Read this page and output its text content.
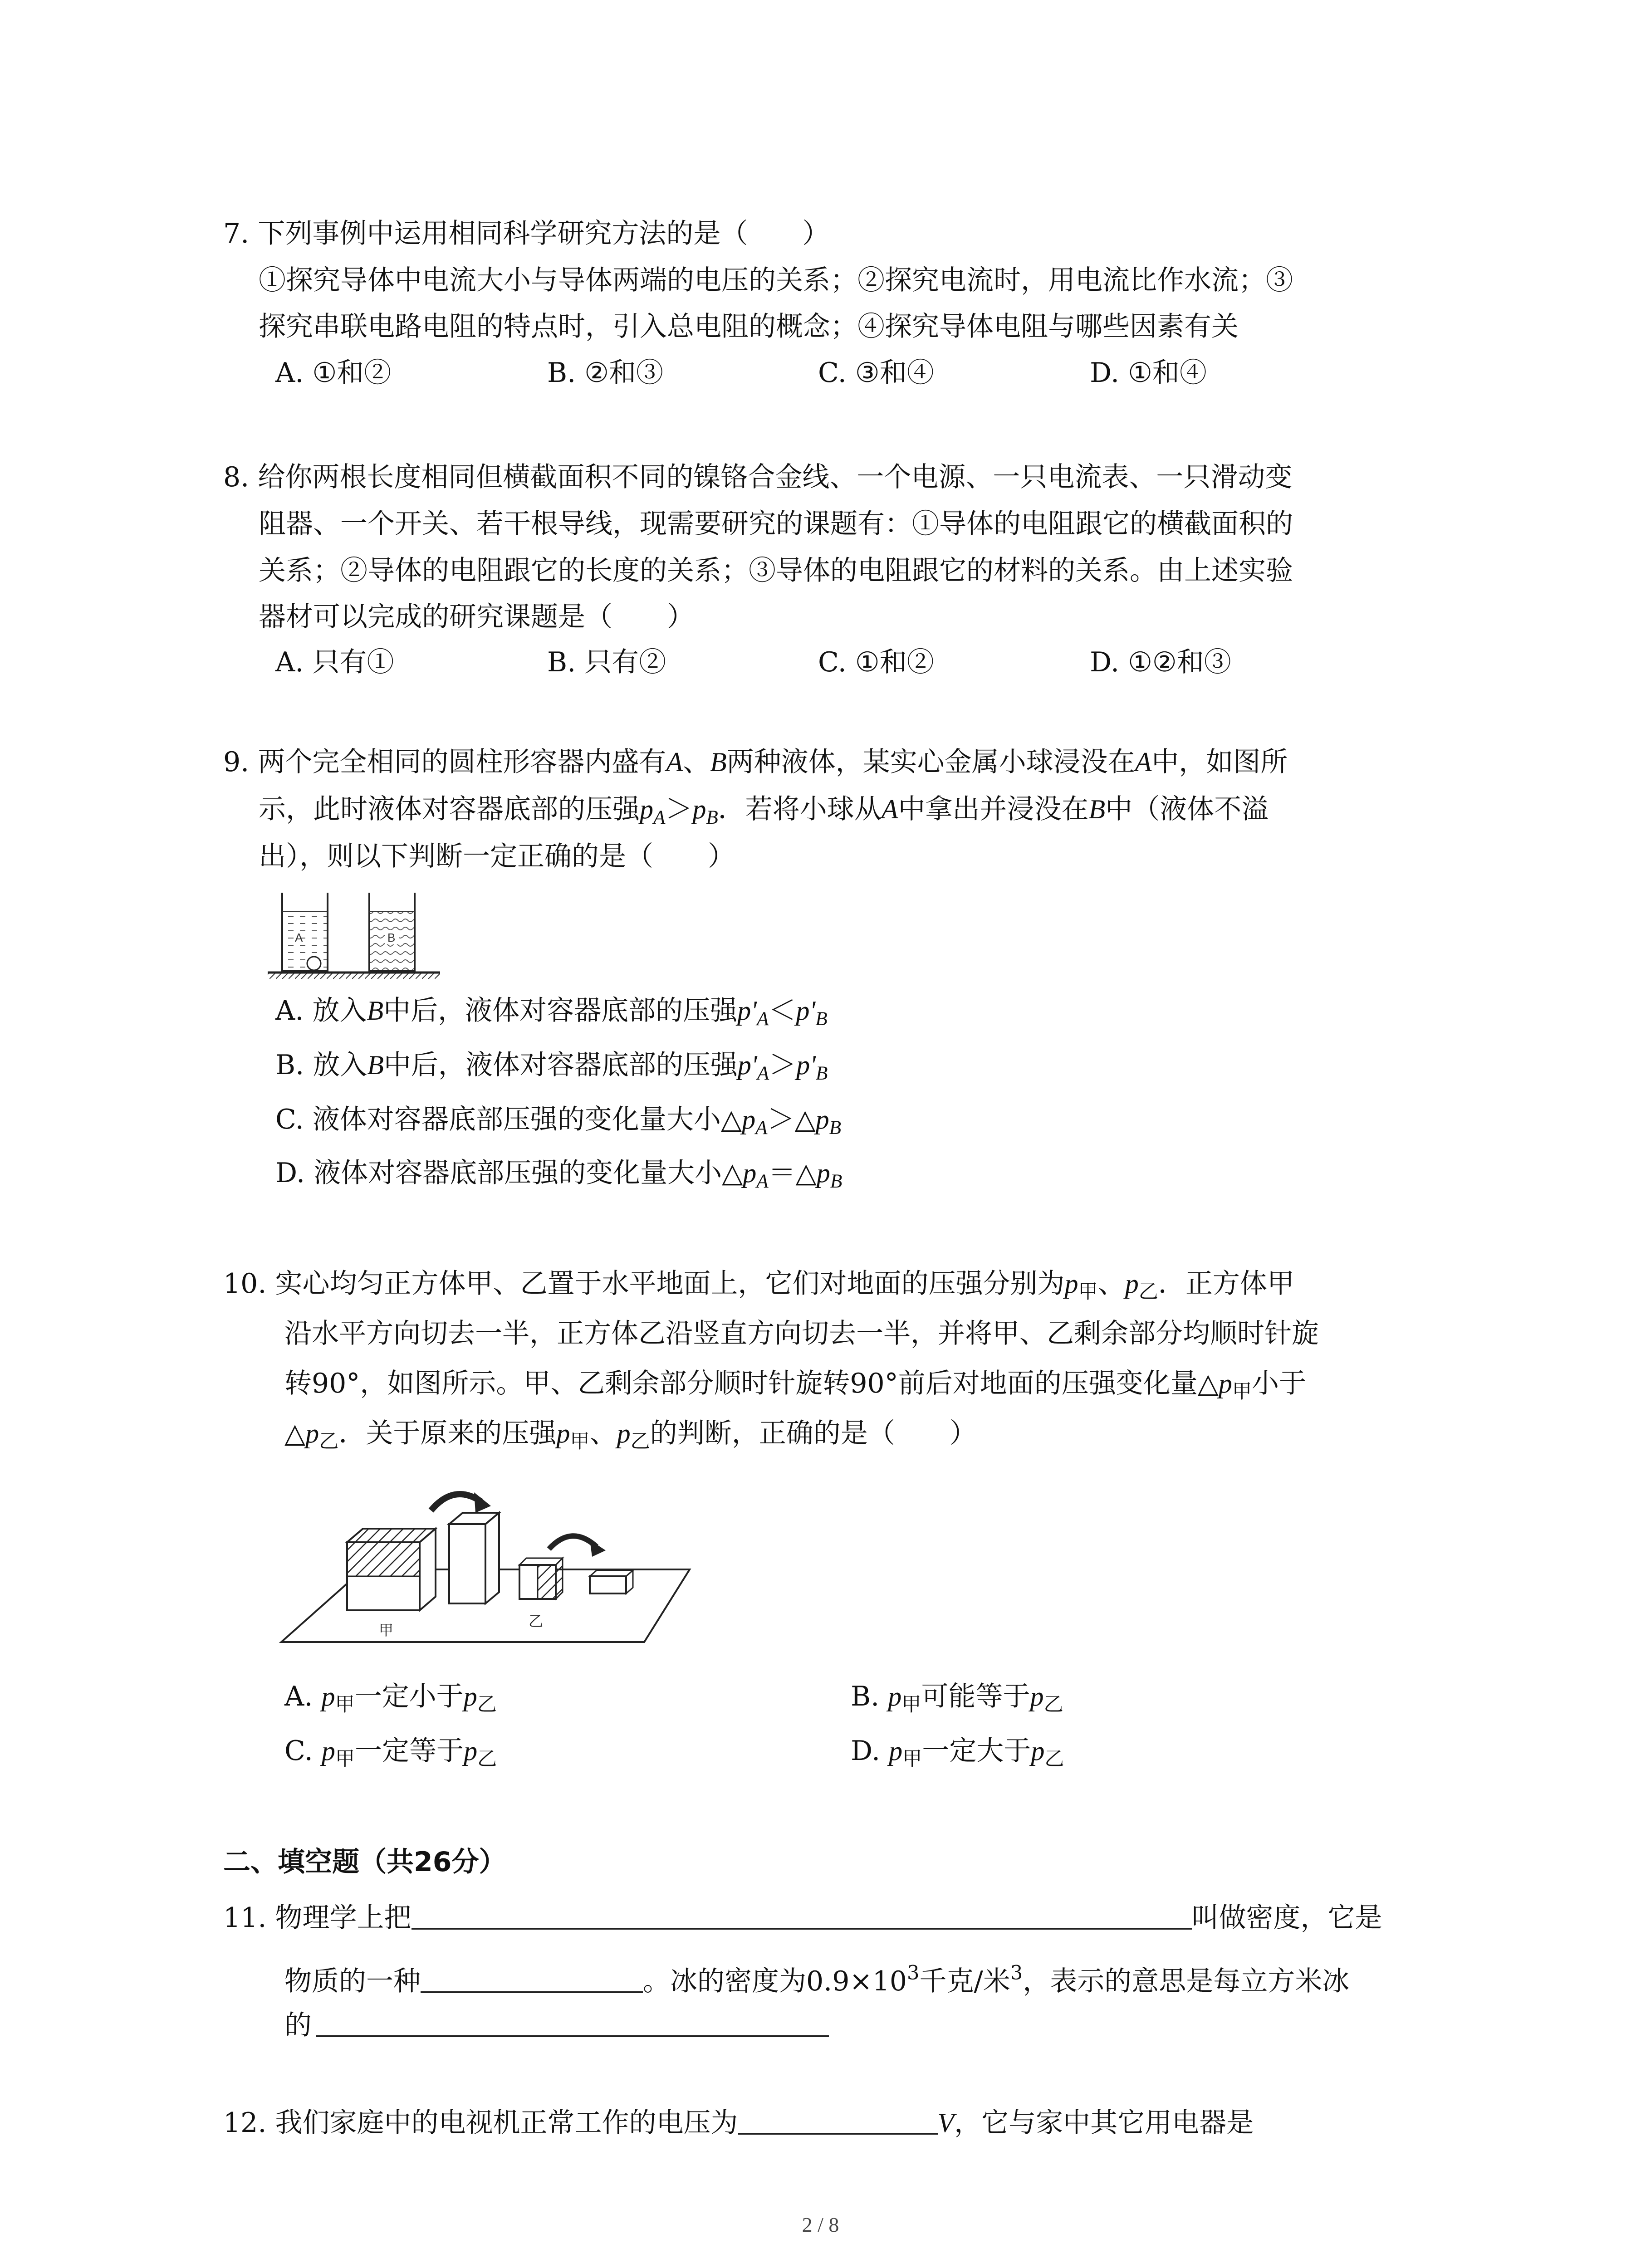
7. 下列事例中运用相同科学研究方法的是（　　）
①探究导体中电流大小与导体两端的电压的关系；②探究电流时，用电流比作水流；③
探究串联电路电阻的特点时，引入总电阻的概念；④探究导体电阻与哪些因素有关
A. ①和②	B. ②和③	C. ③和④	D. ①和④
8. 给你两根长度相同但横截面积不同的镍铬合金线、一个电源、一只电流表、一只滑动变
阻器、一个开关、若干根导线，现需要研究的课题有：①导体的电阻跟它的横截面积的
关系；②导体的电阻跟它的长度的关系；③导体的电阻跟它的材料的关系。由上述实验
器材可以完成的研究课题是（　　）
A. 只有①	B. 只有②	C. ①和②	D. ①②和③
9. 两个完全相同的圆柱形容器内盛有A、B两种液体，某实心金属小球浸没在A中，如图所
示，此时液体对容器底部的压强$p_A>p_B$．若将小球从A中拿出并浸没在B中（液体不溢
出），则以下判断一定正确的是（　　）
A	B
A. 放入B中后，液体对容器底部的压强$p'_A<p'_B$
B. 放入B中后，液体对容器底部的压强$p'_A>p'_B$
C. 液体对容器底部压强的变化量大小$\triangle p_A>\triangle p_B$
D. 液体对容器底部压强的变化量大小$\triangle p_A=\triangle p_B$
10. 实心均匀正方体甲、乙置于水平地面上，它们对地面的压强分别为$p_甲$、$p_乙$．正方体甲
沿水平方向切去一半，正方体乙沿竖直方向切去一半，并将甲、乙剩余部分均顺时针旋
转90°，如图所示。甲、乙剩余部分顺时针旋转90°前后对地面的压强变化量$\triangle p_甲$小于
$\triangle p_乙$．关于原来的压强$p_甲$、$p_乙$的判断，正确的是（　　）
甲
乙
A. $p_甲$一定小于$p_乙$	B. $p_甲$可能等于$p_乙$
C. $p_甲$一定等于$p_乙$	D. $p_甲$一定大于$p_乙$
二、填空题（共26分）
11. 物理学上把	叫做密度，它是
物质的一种	。冰的密度为$0.9\times 10^3$千克/米$^3$，表示的意思是每立方米冰
的
12. 我们家庭中的电视机正常工作的电压为	V，它与家中其它用电器是
2 / 8
